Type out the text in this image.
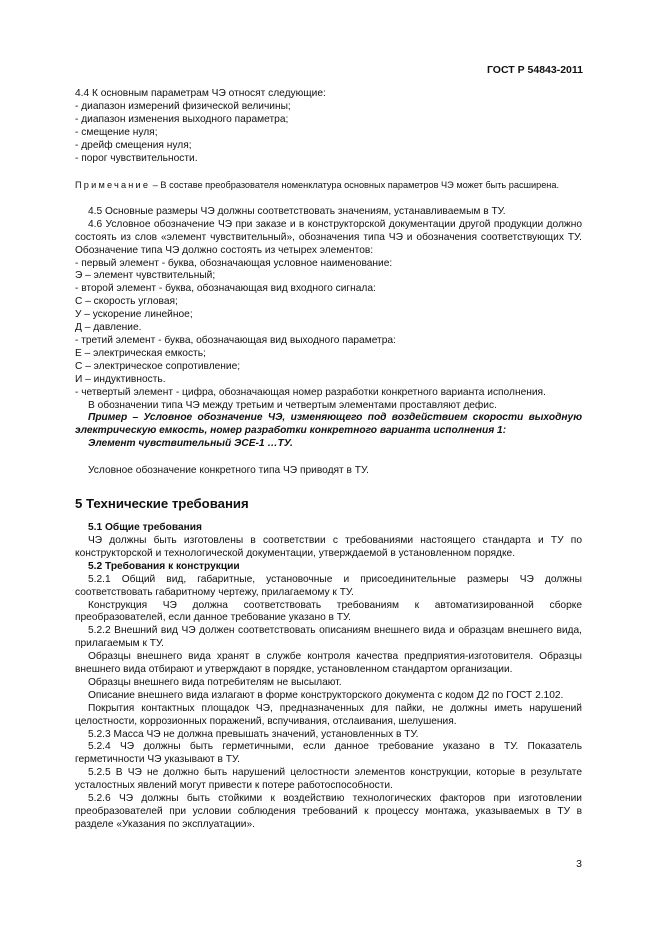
ГОСТ Р 54843-2011

4.4 К основным параметрам ЧЭ относят следующие:

- диапазон измерений физической величины;

- диапазон изменения выходного параметра;

- смещение нуля;

- дрейф смещения нуля;

- порог чувствительности.

Примечание – В составе преобразователя номенклатура основных параметров ЧЭ может быть расширена.

4.5 Основные размеры ЧЭ должны соответствовать значениям, устанавливаемым в ТУ.

4.6 Условное обозначение ЧЭ при заказе и в конструкторской документации другой продукции должно состоять из слов «элемент чувствительный», обозначения типа ЧЭ и обозначения соответствующих ТУ. Обозначение типа ЧЭ должно состоять из четырех элементов:

- первый элемент - буква, обозначающая условное наименование:

Э – элемент чувствительный;

- второй элемент - буква, обозначающая вид входного сигнала:

С – скорость угловая;

У – ускорение линейное;

Д – давление.

- третий элемент - буква, обозначающая вид выходного параметра:

Е – электрическая емкость;

С – электрическое сопротивление;

И – индуктивность.

- четвертый элемент - цифра, обозначающая номер разработки конкретного варианта исполнения.

В обозначении типа ЧЭ между третьим и четвертым элементами проставляют дефис.

Пример – Условное обозначение ЧЭ, изменяющего под воздействием скорости выходную электрическую емкость, номер разработки конкретного варианта исполнения 1:

Элемент чувствительный ЭСЕ-1 …ТУ.

Условное обозначение конкретного типа ЧЭ приводят в ТУ.

5 Технические требования

5.1 Общие требования

ЧЭ должны быть изготовлены в соответствии с требованиями настоящего стандарта и ТУ по конструкторской и технологической документации, утверждаемой в установленном порядке.

5.2 Требования к конструкции

5.2.1 Общий вид, габаритные, установочные и присоединительные размеры ЧЭ должны соответствовать габаритному чертежу, прилагаемому к ТУ.

Конструкция ЧЭ должна соответствовать требованиям к автоматизированной сборке преобразователей, если данное требование указано в ТУ.

5.2.2 Внешний вид ЧЭ должен соответствовать описаниям внешнего вида и образцам внешнего вида, прилагаемым к ТУ.

Образцы внешнего вида хранят в службе контроля качества предприятия-изготовителя. Образцы внешнего вида отбирают и утверждают в порядке, установленном стандартом организации.

Образцы внешнего вида потребителям не высылают.

Описание внешнего вида излагают в форме конструкторского документа с кодом Д2 по ГОСТ 2.102.

Покрытия контактных площадок ЧЭ, предназначенных для пайки, не должны иметь нарушений целостности, коррозионных поражений, вспучивания, отслаивания, шелушения.

5.2.3 Масса ЧЭ не должна превышать значений, установленных в ТУ.

5.2.4 ЧЭ должны быть герметичными, если данное требование указано в ТУ. Показатель герметичности ЧЭ указывают в ТУ.

5.2.5 В ЧЭ не должно быть нарушений целостности элементов конструкции, которые в результате усталостных явлений могут привести к потере работоспособности.

5.2.6 ЧЭ должны быть стойкими к воздействию технологических факторов при изготовлении преобразователей при условии соблюдения требований к процессу монтажа, указываемых в ТУ в разделе «Указания по эксплуатации».

3
